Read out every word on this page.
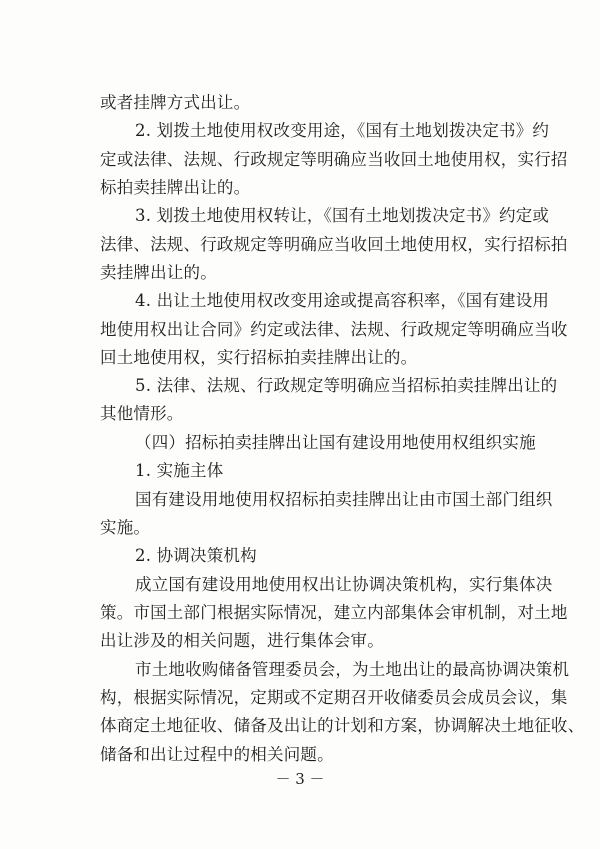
或者挂牌方式出让。
2. 划拨土地使用权改变用途，《国有土地划拨决定书》约
定或法律、法规、行政规定等明确应当收回土地使用权，实行招
标拍卖挂牌出让的。
3. 划拨土地使用权转让，《国有土地划拨决定书》约定或
法律、法规、行政规定等明确应当收回土地使用权，实行招标拍
卖挂牌出让的。
4. 出让土地使用权改变用途或提高容积率，《国有建设用
地使用权出让合同》约定或法律、法规、行政规定等明确应当收
回土地使用权，实行招标拍卖挂牌出让的。
5. 法律、法规、行政规定等明确应当招标拍卖挂牌出让的
其他情形。
（四）招标拍卖挂牌出让国有建设用地使用权组织实施
1. 实施主体
国有建设用地使用权招标拍卖挂牌出让由市国土部门组织
实施。
2. 协调决策机构
成立国有建设用地使用权出让协调决策机构，实行集体决
策。市国土部门根据实际情况，建立内部集体会审机制，对土地
出让涉及的相关问题，进行集体会审。
市土地收购储备管理委员会，为土地出让的最高协调决策机
构，根据实际情况，定期或不定期召开收储委员会成员会议，集
体商定土地征收、储备及出让的计划和方案，协调解决土地征收、
储备和出让过程中的相关问题。
－ 3 －
